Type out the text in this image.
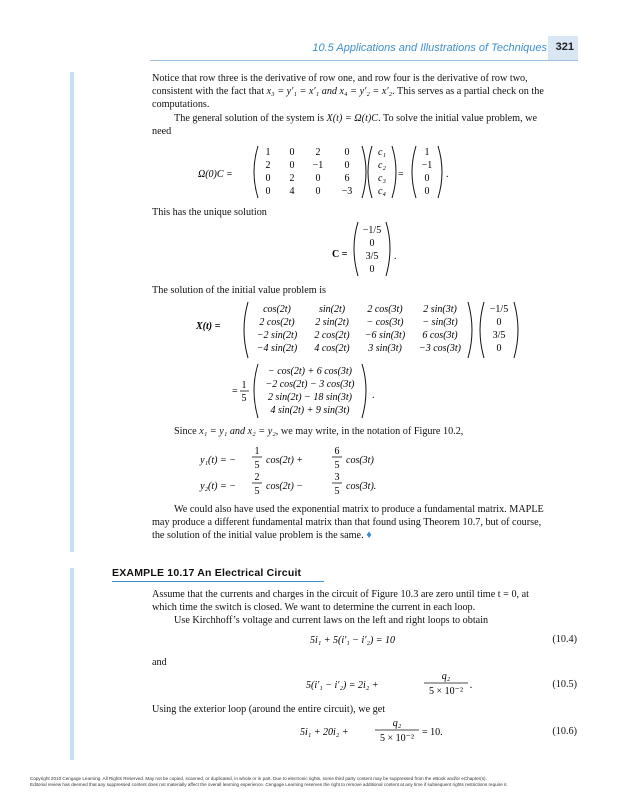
10.5 Applications and Illustrations of Techniques 321
Notice that row three is the derivative of row one, and row four is the derivative of row two,
consistent with the fact that x₃ = y′₁ = x′₁ and x₄ = y′₂ = x′₂. This serves as a partial check on the
computations.
The general solution of the system is X(t) = Ω(t)C. To solve the initial value problem, we
need
Ω(0)C =
1 0 2 0
2 0 −1 0
0 2 0 6
0 4 0 −3
c₁
c₂
c₃
c₄
=
1
−1
0
0
.
C =
−1/5
0
3/5
0
.
X(t) =
cos(2t)	sin(2t) 2 cos(3t) 2 sin(3t)
2 cos(2t) 2 sin(2t) − cos(3t) − sin(3t)
−2 sin(2t) 2 cos(2t) −6 sin(3t) 6 cos(3t)
−4 sin(2t) 4 cos(2t) 3 sin(3t) −3 cos(3t)
−1/5
0
3/5
0
=
1
5
− cos(2t) + 6 cos(3t)
−2 cos(2t) − 3 cos(3t)
2 sin(2t) − 18 sin(3t)
4 sin(2t) + 9 sin(3t)
.
y₁(t) = −
1
5 cos(2t) +
6
5 cos(3t)
y₂(t) = −
2
5 cos(2t) −
3
5 cos(3t).
5i₁ + 5(i′₁ − i′₂) = 10
5(i′₁ − i′₂) = 2i₂ +
q₂
5 × 10⁻²
.
5i₁ + 20i₂ +
q₂
5 × 10⁻²
= 10.
This has the unique solution
The solution of the initial value problem is
Since x₁ = y₁ and x₂ = y₂, we may write, in the notation of Figure 10.2,
We could also have used the exponential matrix to produce a fundamental matrix. MAPLE
may produce a different fundamental matrix than that found using Theorem 10.7, but of course,
the solution of the initial value problem is the same. ♦
EXAMPLE 10.17 An Electrical Circuit
Assume that the currents and charges in the circuit of Figure 10.3 are zero until time t = 0, at
which time the switch is closed. We want to determine the current in each loop.
Use Kirchhoff’s voltage and current laws on the left and right loops to obtain
(10.4)
and
(10.5)
Using the exterior loop (around the entire circuit), we get
(10.6)
Copyright 2010 Cengage Learning. All Rights Reserved. May not be copied, scanned, or duplicated, in whole or in part. Due to electronic rights, some third party content may be suppressed from the eBook and/or eChapter(s).
Editorial review has deemed that any suppressed content does not materially affect the overall learning experience. Cengage Learning reserves the right to remove additional content at any time if subsequent rights restrictions require it.
